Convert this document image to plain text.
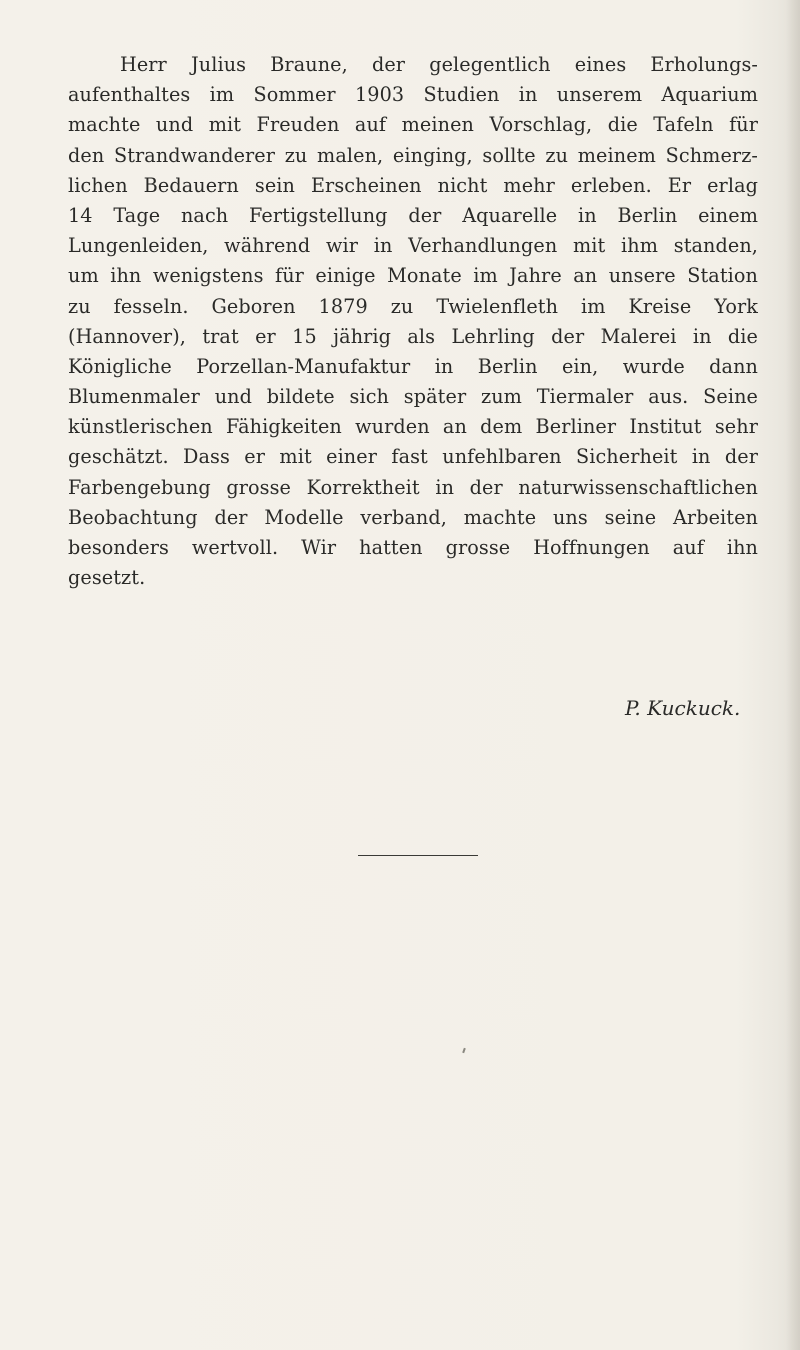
Herr Julius Braune, der gelegentlich eines Erholungs-
aufenthaltes im Sommer 1903 Studien in unserem Aquarium
machte und mit Freuden auf meinen Vorschlag, die Tafeln für
den Strandwanderer zu malen, einging, sollte zu meinem Schmerz-
lichen Bedauern sein Erscheinen nicht mehr erleben. Er erlag
14 Tage nach Fertigstellung der Aquarelle in Berlin einem
Lungenleiden, während wir in Verhandlungen mit ihm standen,
um ihn wenigstens für einige Monate im Jahre an unsere Station
zu fesseln. Geboren 1879 zu Twielenfleth im Kreise York
(Hannover), trat er 15 jährig als Lehrling der Malerei in die
Königliche Porzellan-Manufaktur in Berlin ein, wurde dann
Blumenmaler und bildete sich später zum Tiermaler aus. Seine
künstlerischen Fähigkeiten wurden an dem Berliner Institut sehr
geschätzt. Dass er mit einer fast unfehlbaren Sicherheit in der
Farbengebung grosse Korrektheit in der naturwissenschaftlichen
Beobachtung der Modelle verband, machte uns seine Arbeiten
besonders wertvoll. Wir hatten grosse Hoffnungen auf ihn
gesetzt.
P. Kuckuck.
